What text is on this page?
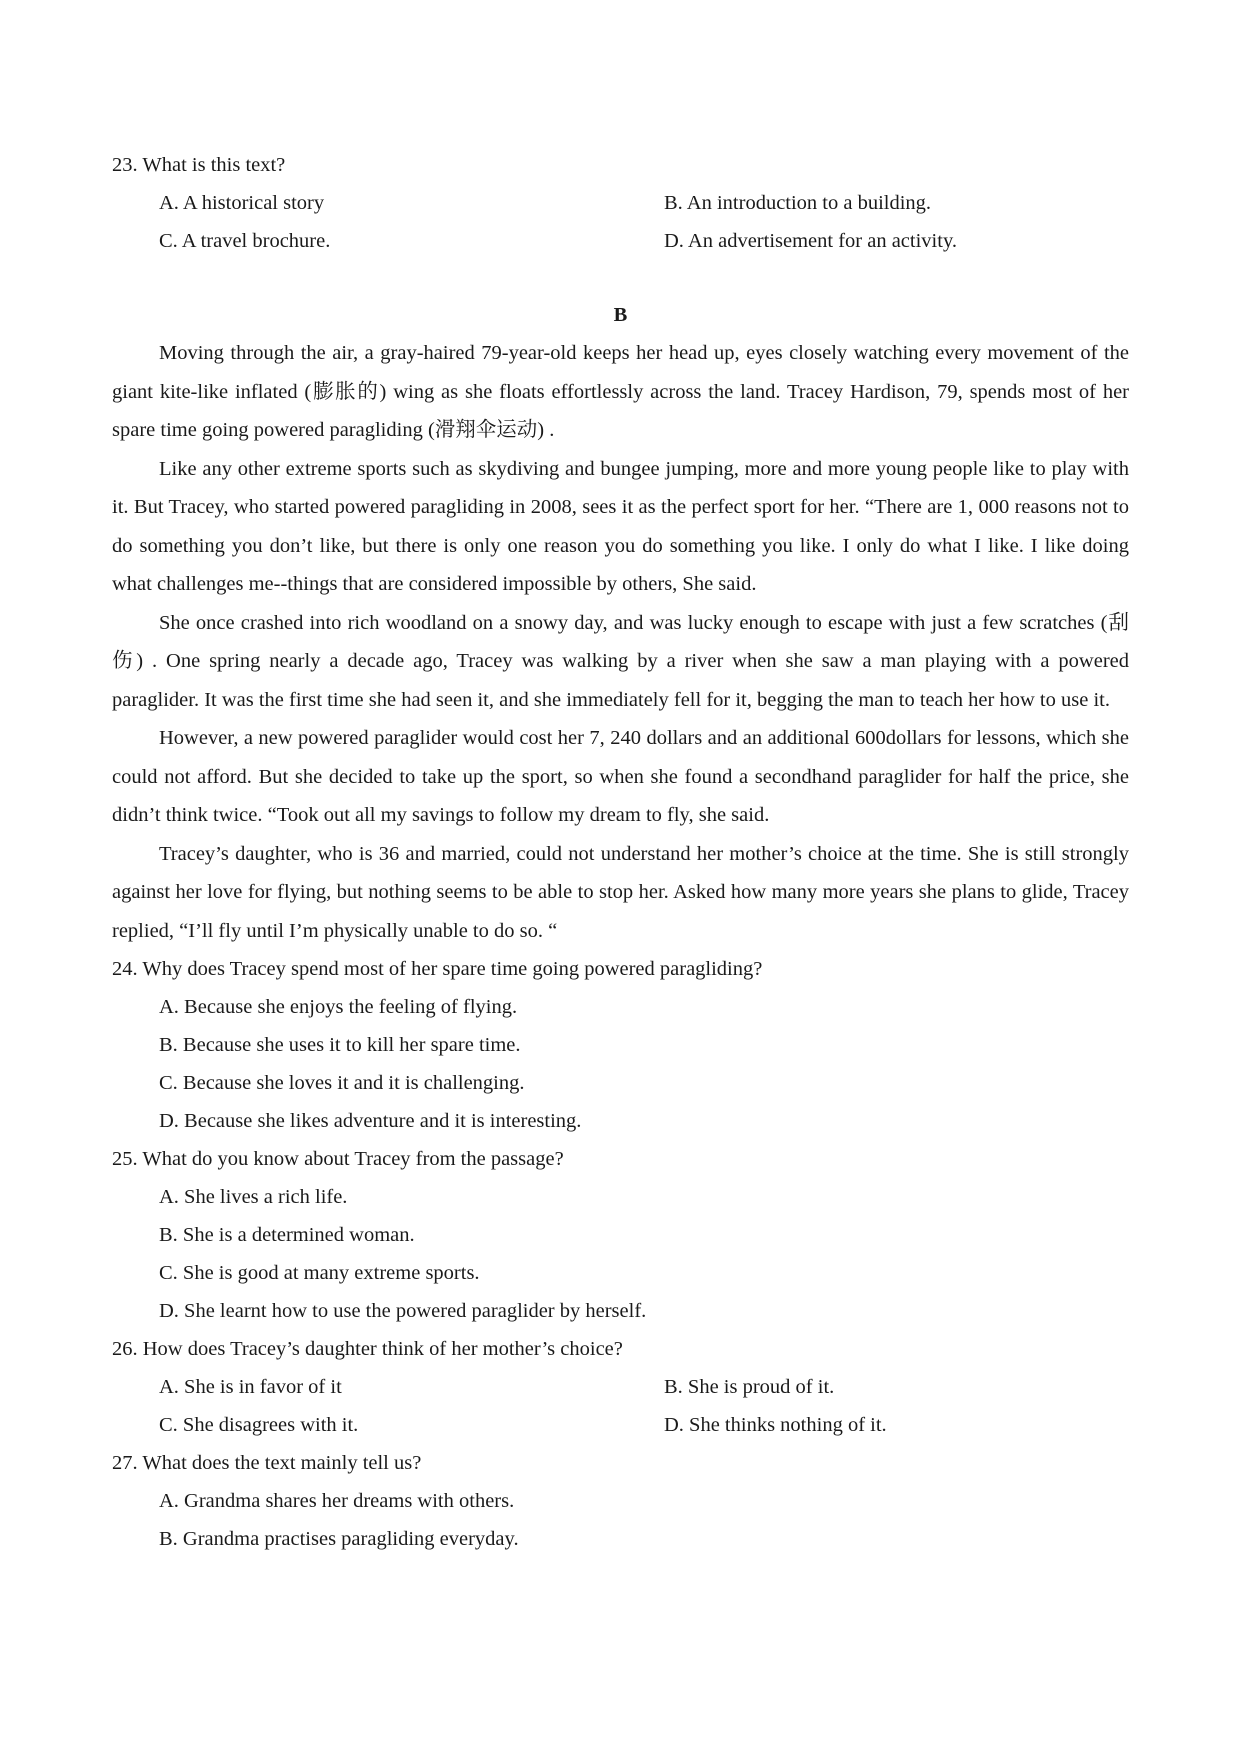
23. What is this text?
A. A historical story	B. An introduction to a building.
C. A travel brochure.	D. An advertisement for an activity.
B

Moving through the air, a gray-haired 79-year-old keeps her head up, eyes closely watching every movement of the giant kite-like inflated (膨胀的) wing as she floats effortlessly across the land. Tracey Hardison, 79, spends most of her spare time going powered paragliding (滑翔伞运动) .

Like any other extreme sports such as skydiving and bungee jumping, more and more young people like to play with it. But Tracey, who started powered paragliding in 2008, sees it as the perfect sport for her. “There are 1, 000 reasons not to do something you don’t like, but there is only one reason you do something you like. I only do what I like. I like doing what challenges me--things that are considered impossible by others, She said.

She once crashed into rich woodland on a snowy day, and was lucky enough to escape with just a few scratches (刮伤) . One spring nearly a decade ago, Tracey was walking by a river when she saw a man playing with a powered paraglider. It was the first time she had seen it, and she immediately fell for it, begging the man to teach her how to use it.

However, a new powered paraglider would cost her 7, 240 dollars and an additional 600dollars for lessons, which she could not afford. But she decided to take up the sport, so when she found a secondhand paraglider for half the price, she didn’t think twice. “Took out all my savings to follow my dream to fly, she said.

Tracey’s daughter, who is 36 and married, could not understand her mother’s choice at the time. She is still strongly against her love for flying, but nothing seems to be able to stop her. Asked how many more years she plans to glide, Tracey replied, “I’ll fly until I’m physically unable to do so. “

24. Why does Tracey spend most of her spare time going powered paragliding?
A. Because she enjoys the feeling of flying.
B. Because she uses it to kill her spare time.
C. Because she loves it and it is challenging.
D. Because she likes adventure and it is interesting.
25. What do you know about Tracey from the passage?
A. She lives a rich life.
B. She is a determined woman.
C. She is good at many extreme sports.
D. She learnt how to use the powered paraglider by herself.
26. How does Tracey’s daughter think of her mother’s choice?
A. She is in favor of it	B. She is proud of it.
C. She disagrees with it.	D. She thinks nothing of it.
27. What does the text mainly tell us?
A. Grandma shares her dreams with others.
B. Grandma practises paragliding everyday.
